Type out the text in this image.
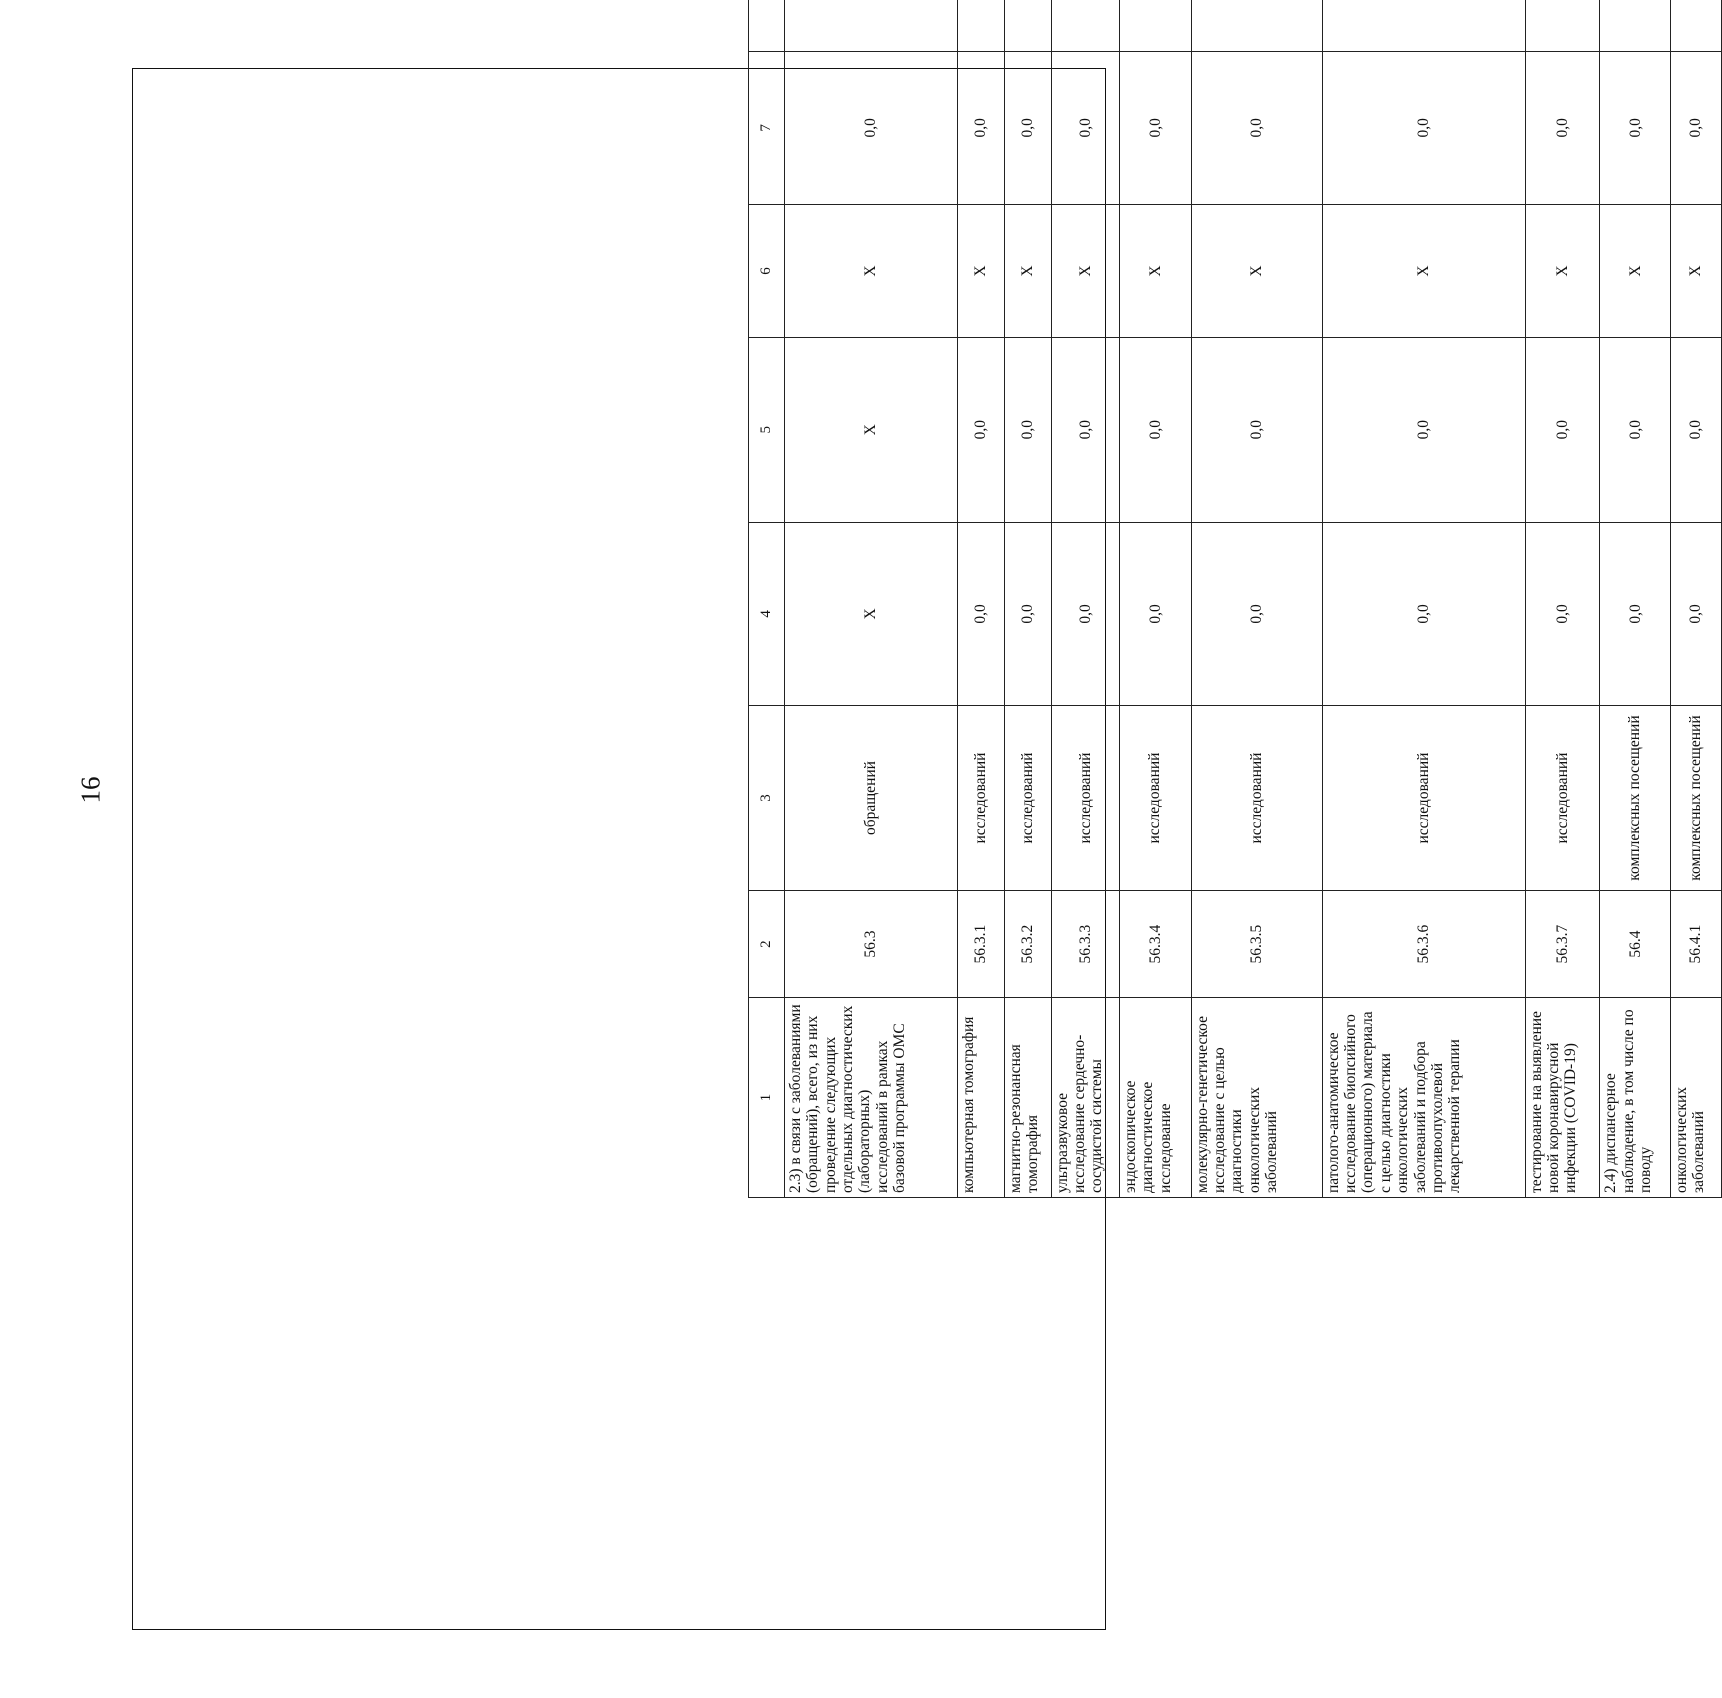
16
1	2	3	4	5	6	7			
2.3) в связи с заболеваниями (обращений), всего, из них проведение следующих отдельных диагностических (лабораторных) исследований в рамках базовой программы ОМС	56.3	обращений	X	X	X	0,0			
компьютерная томография	56.3.1	исследований	0,0	0,0	X	0,0			
магнитно-резонансная томография	56.3.2	исследований	0,0	0,0	X	0,0			
ультразвуковое исследование сердечно-сосудистой системы	56.3.3	исследований	0,0	0,0	X	0,0			
эндоскопическое диагностическое исследование	56.3.4	исследований	0,0	0,0	X	0,0			
молекулярно-генетическое исследование с целью диагностики онкологических заболеваний	56.3.5	исследований	0,0	0,0	X	0,0			
патолого-анатомическое исследование биопсийного (операционного) материала с целью диагностики онкологических заболеваний и подбора противоопухолевой лекарственной терапии	56.3.6	исследований	0,0	0,0	X	0,0			
тестирование на выявление новой коронавирусной инфекции (COVID-19)	56.3.7	исследований	0,0	0,0	X	0,0			
2.4) диспансерное наблюдение, в том числе по поводу	56.4	комплексных посещений	0,0	0,0	X	0,0			
онкологических заболеваний	56.4.1	комплексных посещений	0,0	0,0	X	0,0			
